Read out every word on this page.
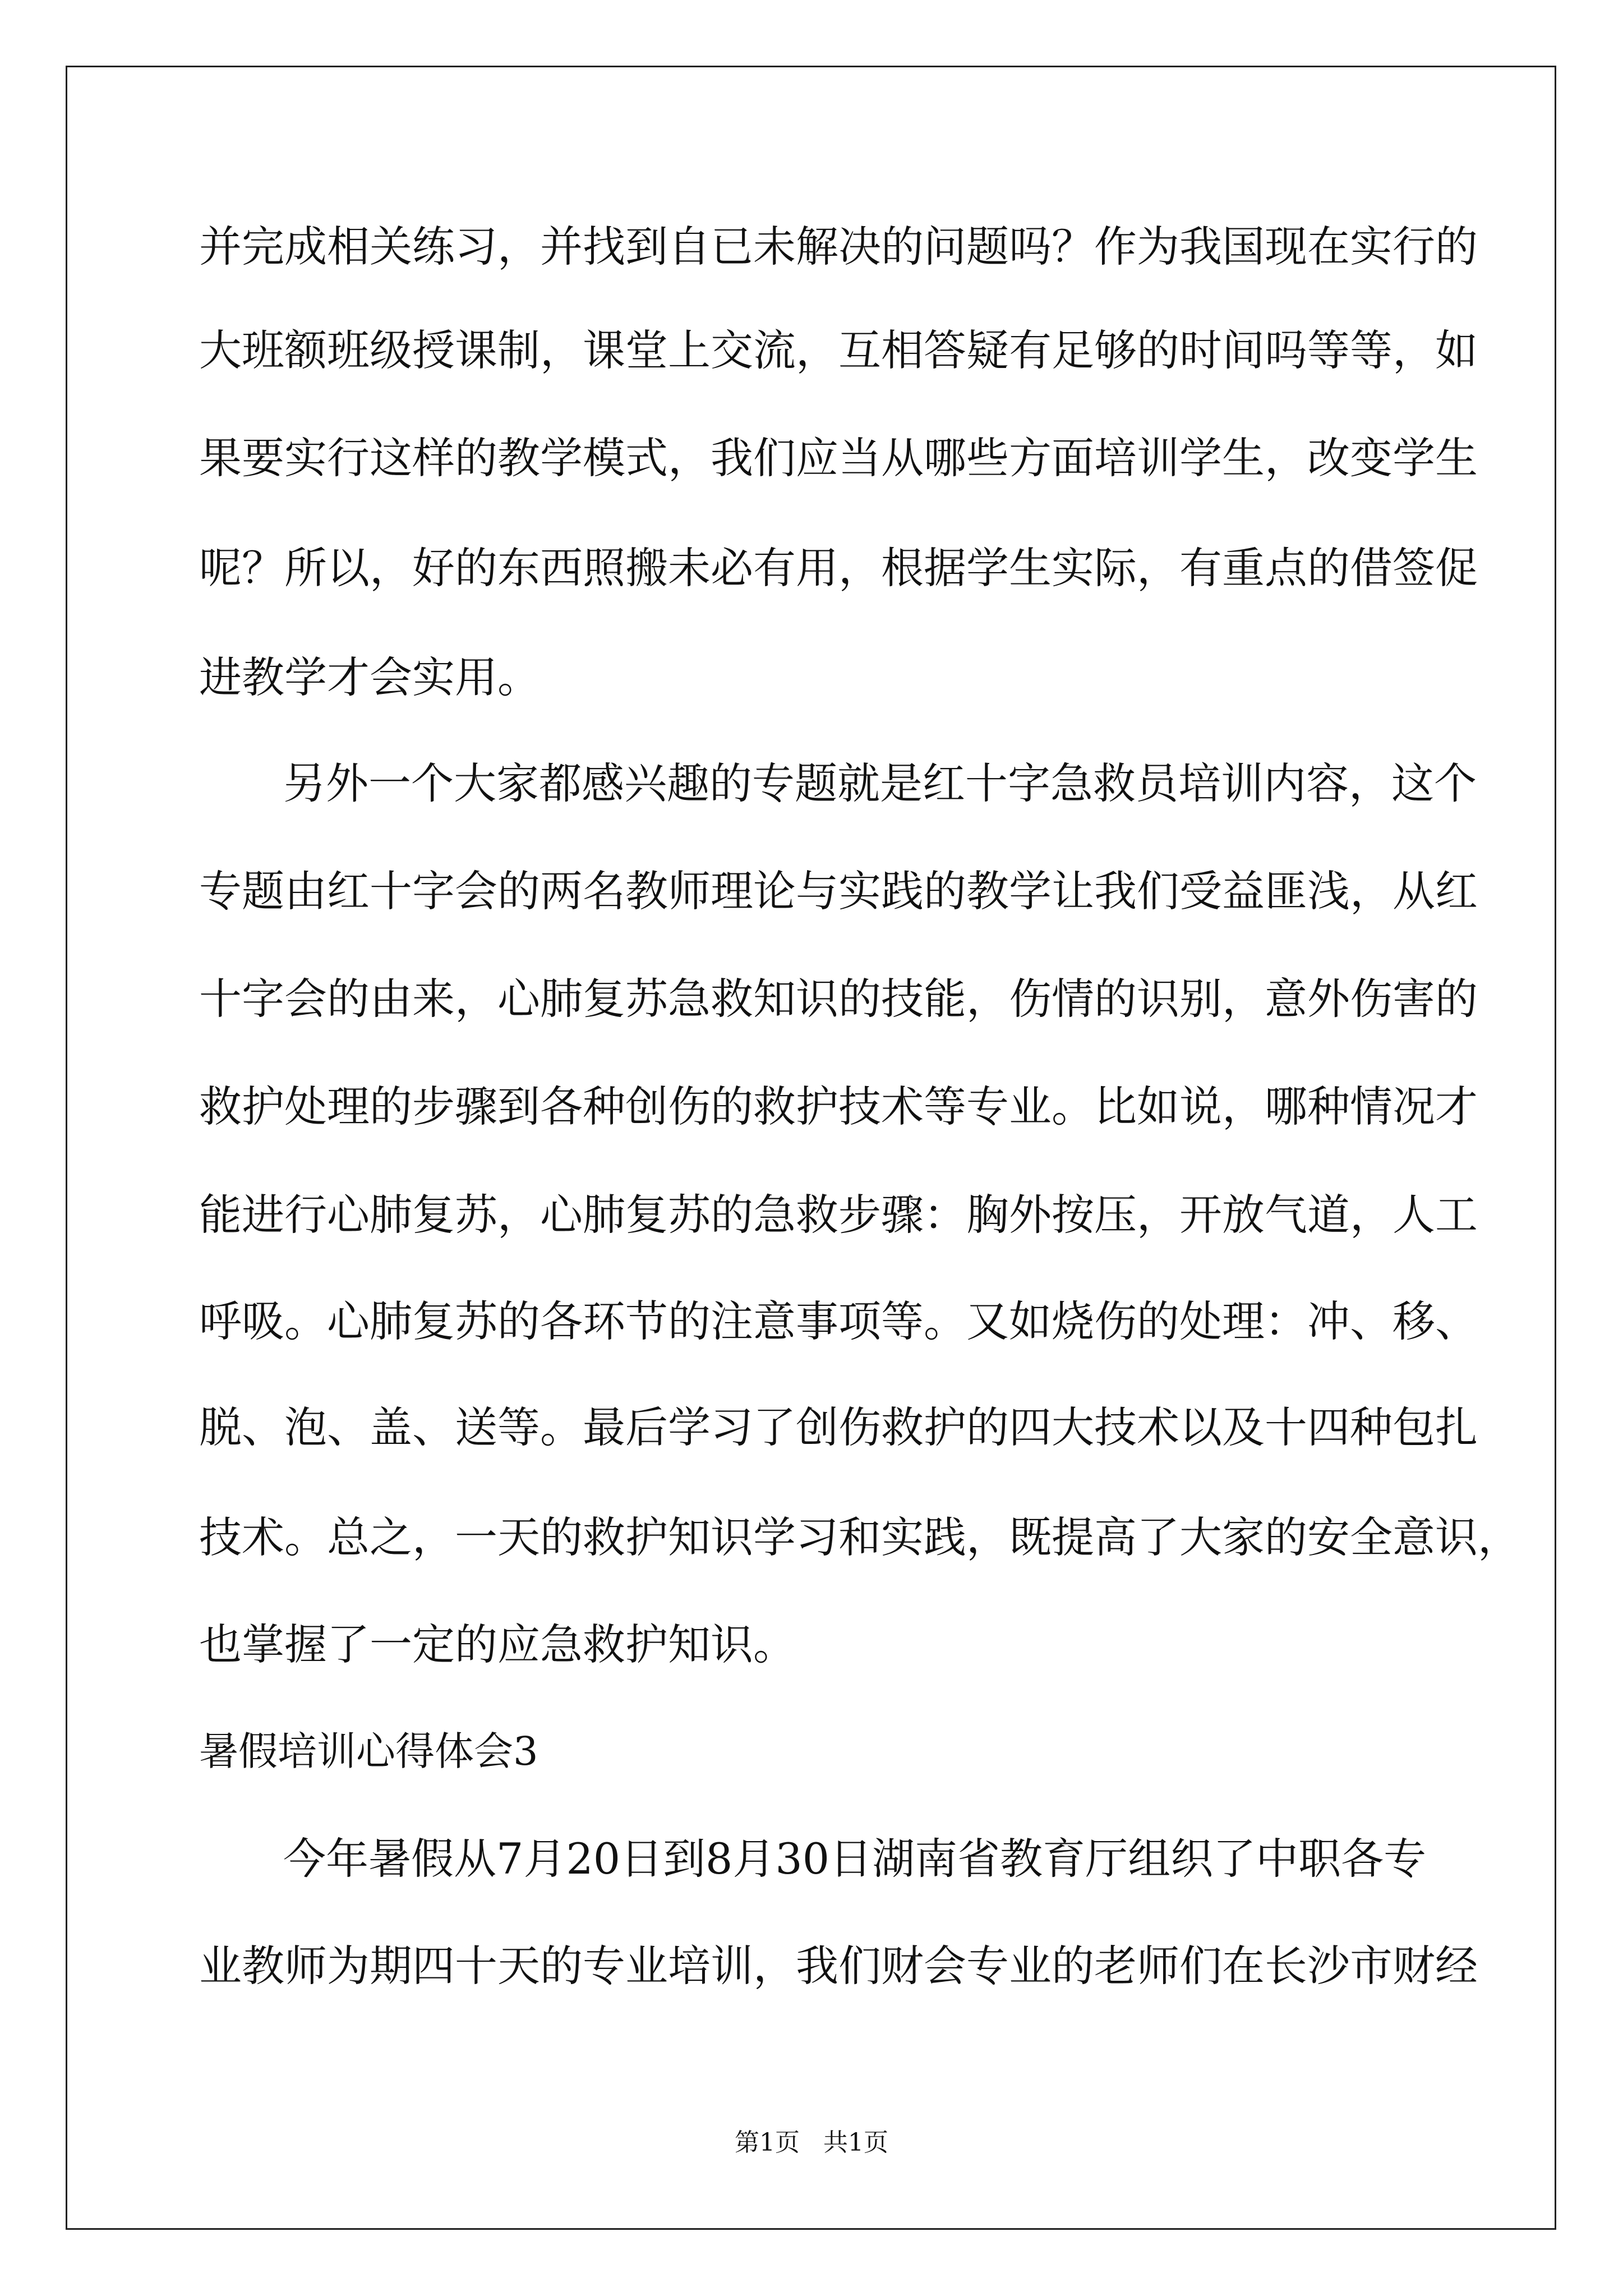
并完成相关练习，并找到自已未解决的问题吗？作为我国现在实行的

大班额班级授课制，课堂上交流，互相答疑有足够的时间吗等等，如

果要实行这样的教学模式，我们应当从哪些方面培训学生，改变学生

呢？所以，好的东西照搬未必有用，根据学生实际，有重点的借签促

进教学才会实用。

另外一个大家都感兴趣的专题就是红十字急救员培训内容，这个

专题由红十字会的两名教师理论与实践的教学让我们受益匪浅，从红

十字会的由来，心肺复苏急救知识的技能，伤情的识别，意外伤害的

救护处理的步骤到各种创伤的救护技术等专业。比如说，哪种情况才

能进行心肺复苏，心肺复苏的急救步骤：胸外按压，开放气道，人工

呼吸。心肺复苏的各环节的注意事项等。又如烧伤的处理：冲、移、

脱、泡、盖、送等。最后学习了创伤救护的四大技术以及十四种包扎

技术。总之，一天的救护知识学习和实践，既提高了大家的安全意识，

也掌握了一定的应急救护知识。

暑假培训心得体会3

今年暑假从7月20日到8月30日湖南省教育厅组织了中职各专

业教师为期四十天的专业培训，我们财会专业的老师们在长沙市财经

第1页   共1页
